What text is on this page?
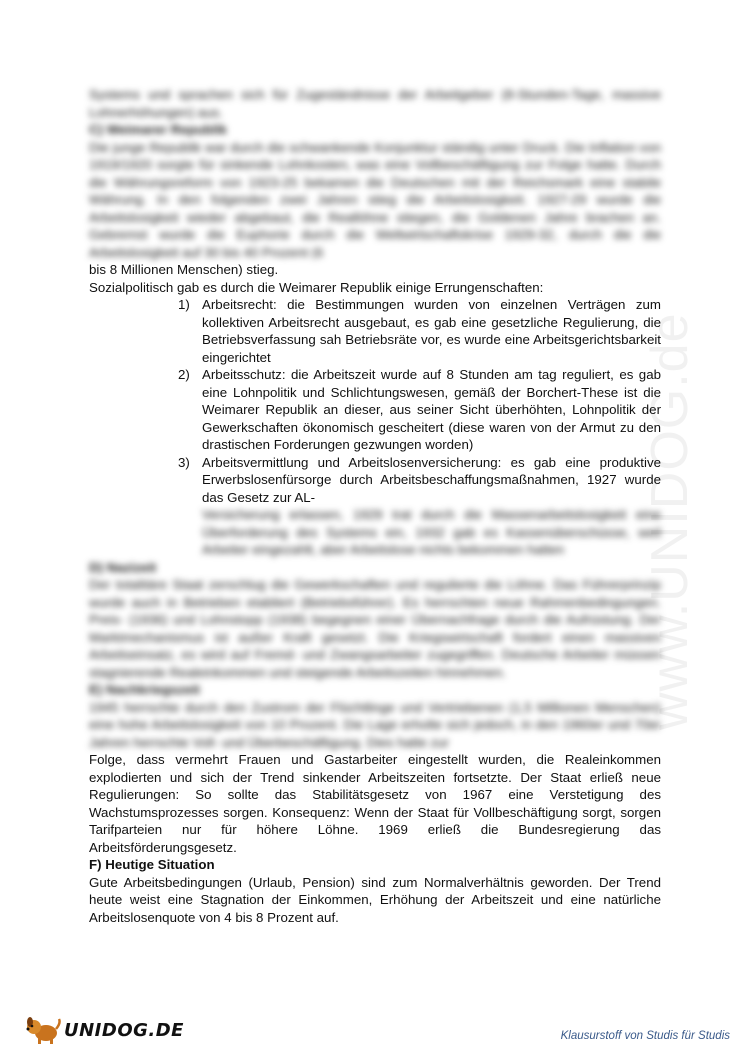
www.UNIDOG.de

Systems und sprachen sich für Zugeständnisse der Arbeitgeber (8-Stunden-Tage, massive Lohnerhöhungen) aus.

C) Weimarer Republik

Die junge Republik war durch die schwankende Konjunktur ständig unter Druck. Die Inflation von 1919/1920 sorgte für sinkende Lohnkosten, was eine Vollbeschäftigung zur Folge hatte. Durch die Währungsreform von 1923-25 bekamen die Deutschen mit der Reichsmark eine stabile Währung. In den folgenden zwei Jahren stieg die Arbeitslosigkeit. 1927-29 wurde die Arbeitslosigkeit wieder abgebaut, die Reallöhne stiegen, die Goldenen Jahre brachen an. Gebremst wurde die Euphorie durch die Weltwirtschaftskrise 1929-32, durch die die Arbeitslosigkeit auf 30 bis 40 Prozent (6

bis 8 Millionen Menschen) stieg.

Sozialpolitisch gab es durch die Weimarer Republik einige Errungenschaften:

1) Arbeitsrecht: die Bestimmungen wurden von einzelnen Verträgen zum kollektiven Arbeitsrecht ausgebaut, es gab eine gesetzliche Regulierung, die Betriebsverfassung sah Betriebsräte vor, es wurde eine Arbeitsgerichtsbarkeit eingerichtet
2) Arbeitsschutz: die Arbeitszeit wurde auf 8 Stunden am tag reguliert, es gab eine Lohnpolitik und Schlichtungswesen, gemäß der Borchert-These ist die Weimarer Republik an dieser, aus seiner Sicht überhöhten, Lohnpolitik der Gewerkschaften ökonomisch gescheitert (diese waren von der Armut zu den drastischen Forderungen gezwungen worden)
3) Arbeitsvermittlung und Arbeitslosenversicherung: es gab eine produktive Erwerbslosenfürsorge durch Arbeitsbeschaffungsmaßnahmen, 1927 wurde das Gesetz zur AL-
Versicherung erlassen, 1929 trat durch die Massenarbeitslosigkeit eine Überforderung des Systems ein, 1932 gab es Kassenüberschüsse, weil Arbeiter eingezahlt, aber Arbeitslose nichts bekommen hatten

D) Nazizeit

Der totalitäre Staat zerschlug die Gewerkschaften und regulierte die Löhne. Das Führerprinzip wurde auch in Betrieben etabliert (Betriebsführer). Es herrschten neue Rahmenbedingungen. Preis- (1936) und Lohnstopp (1938) begegnen einer Übernachfrage durch die Aufrüstung. Der Marktmechanismus ist außer Kraft gesetzt. Die Kriegswirtschaft fordert einen massiven Arbeitseinsatz, es wird auf Fremd- und Zwangsarbeiter zugegriffen. Deutsche Arbeiter müssen stagnierende Realeinkommen und steigende Arbeitszeiten hinnehmen.

E) Nachkriegszeit

1945 herrschte durch den Zustrom der Flüchtlinge und Vertriebenen (1,5 Millionen Menschen) eine hohe Arbeitslosigkeit von 10 Prozent. Die Lage erholte sich jedoch, in den 1960er und 70er Jahren herrschte Voll- und Überbeschäftigung. Dies hatte zur

Folge, dass vermehrt Frauen und Gastarbeiter eingestellt wurden, die Realeinkommen explodierten und sich der Trend sinkender Arbeitszeiten fortsetzte. Der Staat erließ neue Regulierungen: So sollte das Stabilitätsgesetz von 1967 eine Verstetigung des Wachstumsprozesses sorgen. Konsequenz: Wenn der Staat für Vollbeschäftigung sorgt, sorgen Tarifparteien nur für höhere Löhne. 1969 erließ die Bundesregierung das Arbeitsförderungsgesetz.

F) Heutige Situation

Gute Arbeitsbedingungen (Urlaub, Pension) sind zum Normalverhältnis geworden. Der Trend heute weist eine Stagnation der Einkommen, Erhöhung der Arbeitszeit und eine natürliche Arbeitslosenquote von 4 bis 8 Prozent auf.

UNIDOG.DE	Klausurstoff von Studis für Studis
